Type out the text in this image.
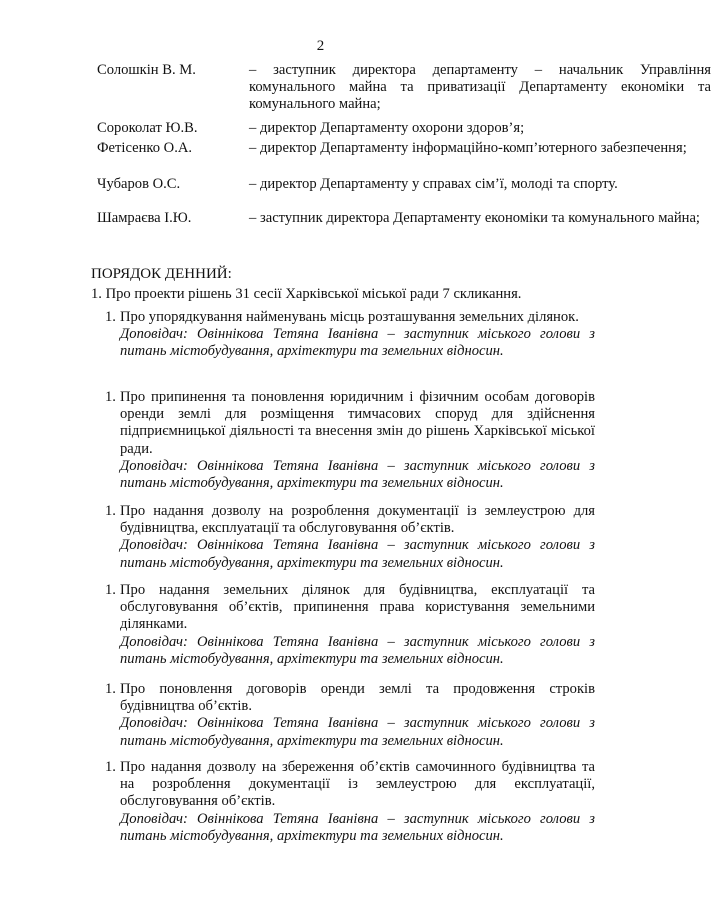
2
Солошкін В. М.	– заступник директора департаменту – начальник Управління комунального майна та приватизації Департаменту економіки та комунального майна;
Сороколат Ю.В.	– директор Департаменту охорони здоров’я;
Фетісенко О.А.	– директор Департаменту інформаційно-комп’ютерного забезпечення;
Чубаров О.С.	– директор Департаменту у справах сім’ї, молоді та спорту.
Шамраєва І.Ю.	– заступник директора Департаменту економіки та комунального майна;
ПОРЯДОК ДЕННИЙ:
1. Про проекти рішень 31 сесії Харківської міської ради 7 скликання.
1. Про упорядкування найменувань місць розташування земельних ділянок.
Доповідач: Овіннікова Тетяна Іванівна – заступник міського голови з питань містобудування, архітектури та земельних відносин.
1. Про припинення та поновлення юридичним і фізичним особам договорів оренди землі для розміщення тимчасових споруд для здійснення підприємницької діяльності та внесення змін до рішень Харківської міської ради.
Доповідач: Овіннікова Тетяна Іванівна – заступник міського голови з питань містобудування, архітектури та земельних відносин.
1. Про надання дозволу на розроблення документації із землеустрою для будівництва, експлуатації та обслуговування об’єктів.
Доповідач: Овіннікова Тетяна Іванівна – заступник міського голови з питань містобудування, архітектури та земельних відносин.
1. Про надання земельних ділянок для будівництва, експлуатації та обслуговування об’єктів, припинення права користування земельними ділянками.
Доповідач: Овіннікова Тетяна Іванівна – заступник міського голови з питань містобудування, архітектури та земельних відносин.
1. Про поновлення договорів оренди землі та продовження строків будівництва об’єктів.
Доповідач: Овіннікова Тетяна Іванівна – заступник міського голови з питань містобудування, архітектури та земельних відносин.
1. Про надання дозволу на збереження об’єктів самочинного будівництва та на розроблення документації із землеустрою для експлуатації, обслуговування об’єктів.
Доповідач: Овіннікова Тетяна Іванівна – заступник міського голови з питань містобудування, архітектури та земельних відносин.
